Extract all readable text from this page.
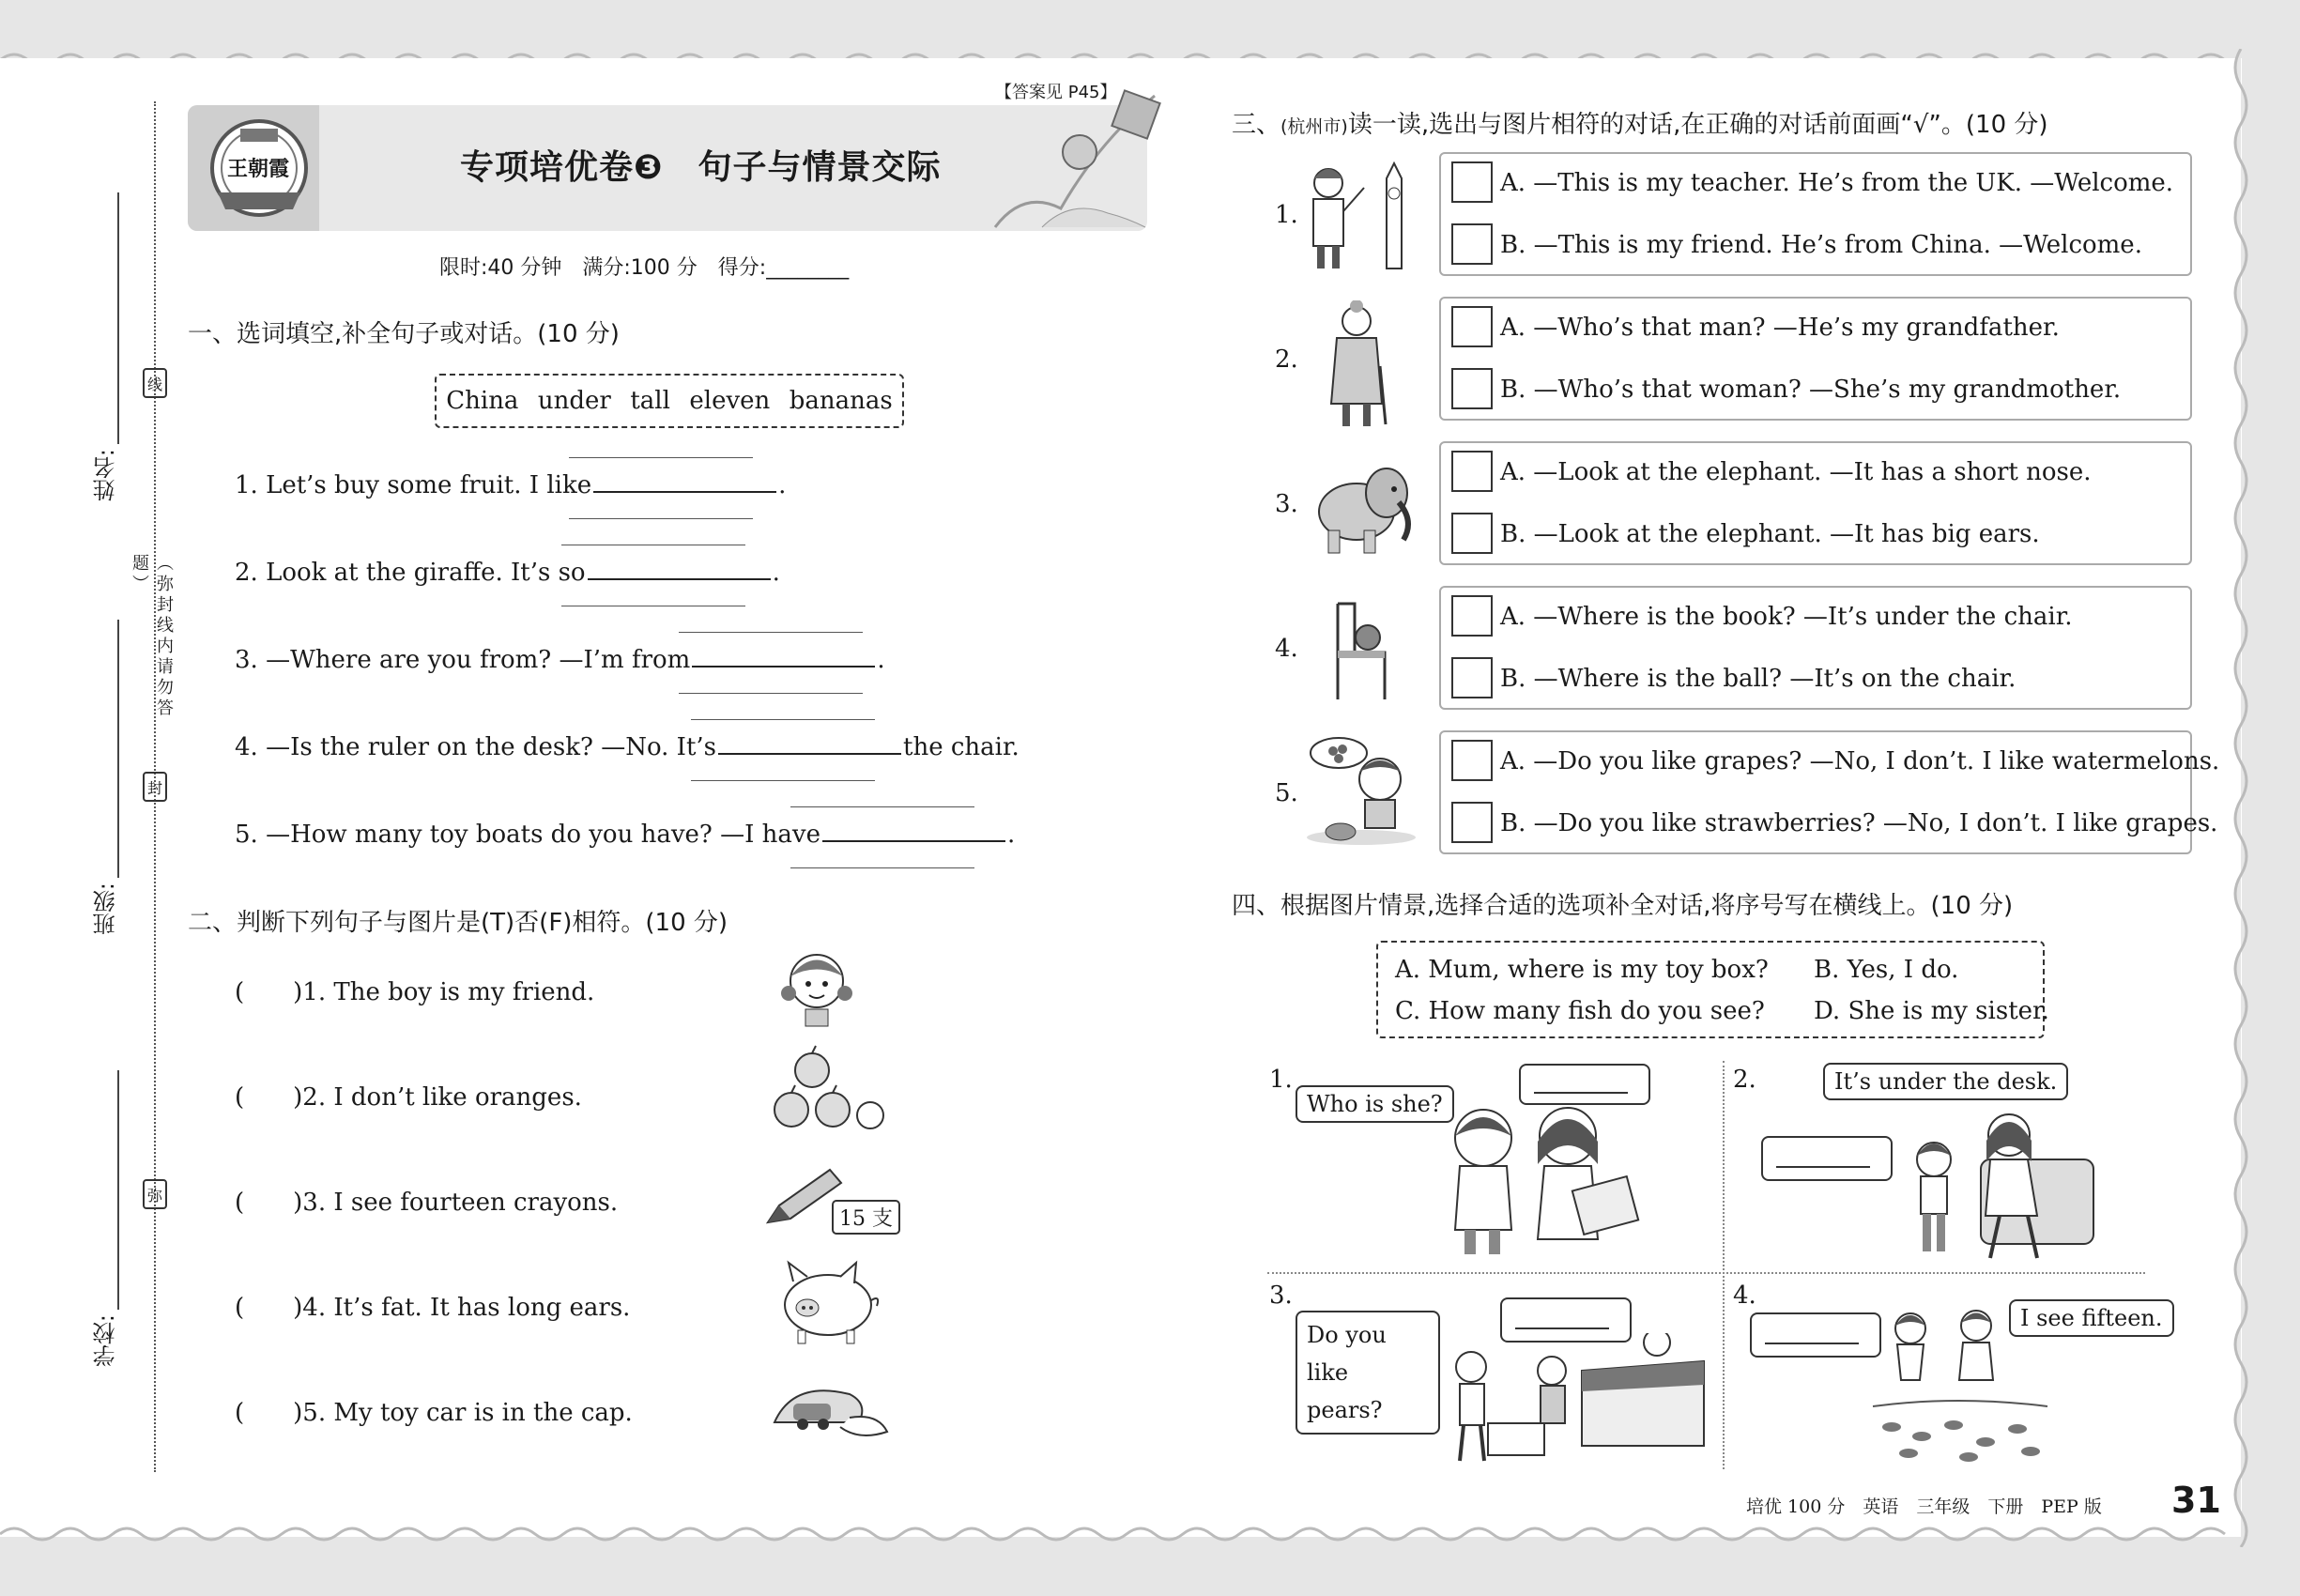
姓名:
班级:
学校:
线
（弥封线内请勿答题）
封
弥
【答案见 P45】
王朝霞	专项培优卷❸　句子与情景交际
限时:40 分钟　满分:100 分　得分:________
一、选词填空,补全句子或对话。(10 分)
China under tall eleven bananas
1. Let’s buy some fruit. I like	.
2. Look at the giraffe. It’s so	.
3. —Where are you from? —I’m from	.
4. —Is the ruler on the desk? —No. It’s	the chair.
5. —How many toy boats do you have? —I have	.
二、判断下列句子与图片是(T)否(F)相符。(10 分)
(　　)1. The boy is my friend.
(　　)2. I don’t like oranges.
(　　)3. I see fourteen crayons.
15 支
(　　)4. It’s fat. It has long ears.
(　　)5. My toy car is in the cap.
三、(杭州市)读一读,选出与图片相符的对话,在正确的对话前面画“√”。(10 分)
1.
A. —This is my teacher. He’s from the UK. —Welcome.
B. —This is my friend. He’s from China. —Welcome.
2.
A. —Who’s that man? —He’s my grandfather.
B. —Who’s that woman? —She’s my grandmother.
3.
A. —Look at the elephant. —It has a short nose.
B. —Look at the elephant. —It has big ears.
4.
A. —Where is the book? —It’s under the chair.
B. —Where is the ball? —It’s on the chair.
5.
A. —Do you like grapes? —No, I don’t. I like watermelons.
B. —Do you like strawberries? —No, I don’t. I like grapes.
四、根据图片情景,选择合适的选项补全对话,将序号写在横线上。(10 分)
A. Mum, where is my toy box? B. Yes, I do.
C. How many fish do you see? D. She is my sister.
1.
Who is she?
2.	It’s under the desk.
3.
Do you like pears?
4.
I see fifteen.
培优 100 分　英语　三年级　下册　PEP 版 31
